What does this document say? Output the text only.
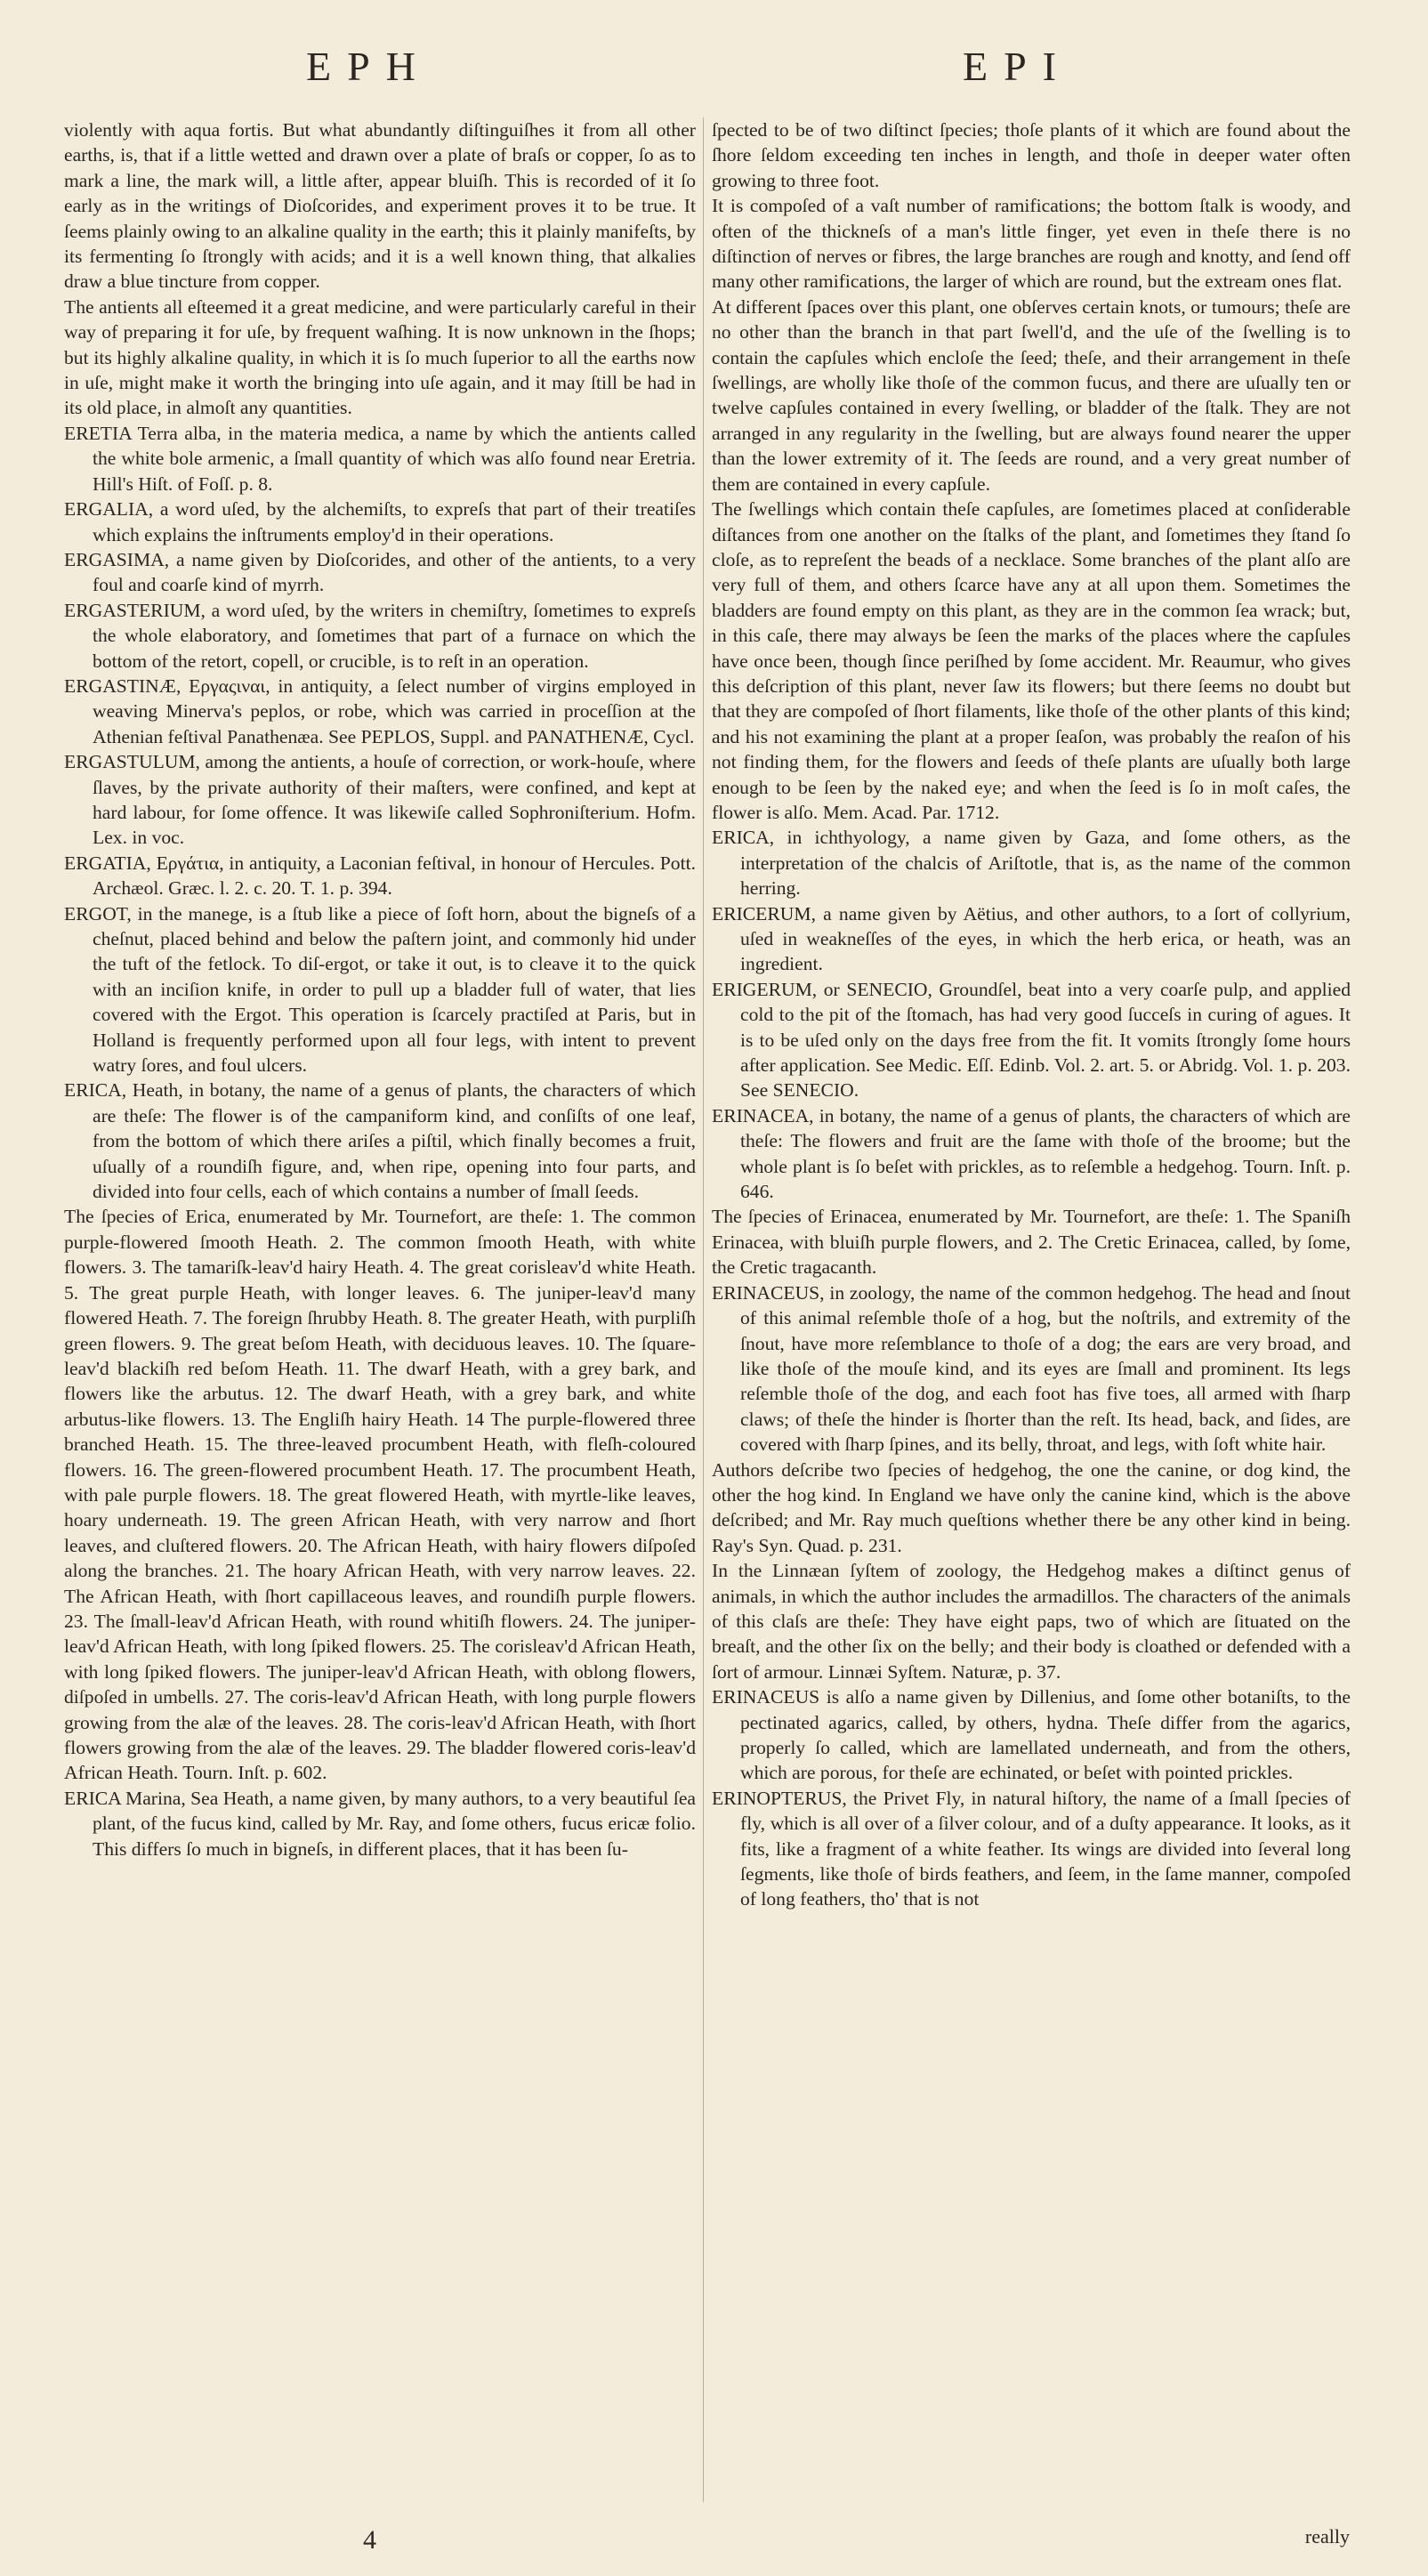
EPH	EPI

violently with aqua fortis. But what abundantly diſtinguiſhes it from all other earths, is, that if a little wetted and drawn over a plate of braſs or copper, ſo as to mark a line, the mark will, a little after, appear bluiſh. This is recorded of it ſo early as in the writings of Dioſcorides, and experiment proves it to be true. It ſeems plainly owing to an alkaline quality in the earth; this it plainly manifeſts, by its fermenting ſo ſtrongly with acids; and it is a well known thing, that alkalies draw a blue tincture from copper.

The antients all eſteemed it a great medicine, and were particularly careful in their way of preparing it for uſe, by frequent waſhing. It is now unknown in the ſhops; but its highly alkaline quality, in which it is ſo much ſuperior to all the earths now in uſe, might make it worth the bringing into uſe again, and it may ſtill be had in its old place, in almoſt any quantities.

ERETIA Terra alba, in the materia medica, a name by which the antients called the white bole armenic, a ſmall quantity of which was alſo found near Eretria. Hill's Hiſt. of Foſſ. p. 8.

ERGALIA, a word uſed, by the alchemiſts, to expreſs that part of their treatiſes which explains the inſtruments employ'd in their operations.

ERGASIMA, a name given by Dioſcorides, and other of the antients, to a very foul and coarſe kind of myrrh.

ERGASTERIUM, a word uſed, by the writers in chemiſtry, ſometimes to expreſs the whole elaboratory, and ſometimes that part of a furnace on which the bottom of the retort, copell, or crucible, is to reſt in an operation.

ERGASTINÆ, Εργαςιναι, in antiquity, a ſelect number of virgins employed in weaving Minerva's peplos, or robe, which was carried in proceſſion at the Athenian feſtival Panathenæa. See PEPLOS, Suppl. and PANATHENÆ, Cycl.

ERGASTULUM, among the antients, a houſe of correction, or work-houſe, where ſlaves, by the private authority of their maſters, were confined, and kept at hard labour, for ſome offence. It was likewiſe called Sophroniſterium. Hofm. Lex. in voc.

ERGATIA, Εργάτια, in antiquity, a Laconian feſtival, in honour of Hercules. Pott. Archæol. Græc. l. 2. c. 20. T. 1. p. 394.

ERGOT, in the manege, is a ſtub like a piece of ſoft horn, about the bigneſs of a cheſnut, placed behind and below the paſtern joint, and commonly hid under the tuft of the fetlock. To diſ-ergot, or take it out, is to cleave it to the quick with an inciſion knife, in order to pull up a bladder full of water, that lies covered with the Ergot. This operation is ſcarcely practiſed at Paris, but in Holland is frequently performed upon all four legs, with intent to prevent watry ſores, and foul ulcers.

ERICA, Heath, in botany, the name of a genus of plants, the characters of which are theſe: The flower is of the campaniform kind, and conſiſts of one leaf, from the bottom of which there ariſes a piſtil, which finally becomes a fruit, uſually of a roundiſh figure, and, when ripe, opening into four parts, and divided into four cells, each of which contains a number of ſmall ſeeds.

The ſpecies of Erica, enumerated by Mr. Tournefort, are theſe: 1. The common purple-flowered ſmooth Heath. 2. The common ſmooth Heath, with white flowers. 3. The tamariſk-leav'd hairy Heath. 4. The great corisleav'd white Heath. 5. The great purple Heath, with longer leaves. 6. The juniper-leav'd many flowered Heath. 7. The foreign ſhrubby Heath. 8. The greater Heath, with purpliſh green flowers. 9. The great beſom Heath, with deciduous leaves. 10. The ſquare-leav'd blackiſh red beſom Heath. 11. The dwarf Heath, with a grey bark, and flowers like the arbutus. 12. The dwarf Heath, with a grey bark, and white arbutus-like flowers. 13. The Engliſh hairy Heath. 14 The purple-flowered three branched Heath. 15. The three-leaved procumbent Heath, with fleſh-coloured flowers. 16. The green-flowered procumbent Heath. 17. The procumbent Heath, with pale purple flowers. 18. The great flowered Heath, with myrtle-like leaves, hoary underneath. 19. The green African Heath, with very narrow and ſhort leaves, and cluſtered flowers. 20. The African Heath, with hairy flowers diſpoſed along the branches. 21. The hoary African Heath, with very narrow leaves. 22. The African Heath, with ſhort capillaceous leaves, and roundiſh purple flowers. 23. The ſmall-leav'd African Heath, with round whitiſh flowers. 24. The juniper-leav'd African Heath, with long ſpiked flowers. 25. The corisleav'd African Heath, with long ſpiked flowers. The juniper-leav'd African Heath, with oblong flowers, diſpoſed in umbells. 27. The coris-leav'd African Heath, with long purple flowers growing from the alæ of the leaves. 28. The coris-leav'd African Heath, with ſhort flowers growing from the alæ of the leaves. 29. The bladder flowered coris-leav'd African Heath. Tourn. Inſt. p. 602.

ERICA Marina, Sea Heath, a name given, by many authors, to a very beautiful ſea plant, of the fucus kind, called by Mr. Ray, and ſome others, fucus ericæ folio. This differs ſo much in bigneſs, in different places, that it has been ſu-

ſpected to be of two diſtinct ſpecies; thoſe plants of it which are found about the ſhore ſeldom exceeding ten inches in length, and thoſe in deeper water often growing to three foot.

It is compoſed of a vaſt number of ramifications; the bottom ſtalk is woody, and often of the thickneſs of a man's little finger, yet even in theſe there is no diſtinction of nerves or fibres, the large branches are rough and knotty, and ſend off many other ramifications, the larger of which are round, but the extream ones flat.

At different ſpaces over this plant, one obſerves certain knots, or tumours; theſe are no other than the branch in that part ſwell'd, and the uſe of the ſwelling is to contain the capſules which encloſe the ſeed; theſe, and their arrangement in theſe ſwellings, are wholly like thoſe of the common fucus, and there are uſually ten or twelve capſules contained in every ſwelling, or bladder of the ſtalk. They are not arranged in any regularity in the ſwelling, but are always found nearer the upper than the lower extremity of it. The ſeeds are round, and a very great number of them are contained in every capſule.

The ſwellings which contain theſe capſules, are ſometimes placed at conſiderable diſtances from one another on the ſtalks of the plant, and ſometimes they ſtand ſo cloſe, as to repreſent the beads of a necklace. Some branches of the plant alſo are very full of them, and others ſcarce have any at all upon them. Sometimes the bladders are found empty on this plant, as they are in the common ſea wrack; but, in this caſe, there may always be ſeen the marks of the places where the capſules have once been, though ſince periſhed by ſome accident. Mr. Reaumur, who gives this deſcription of this plant, never ſaw its flowers; but there ſeems no doubt but that they are compoſed of ſhort filaments, like thoſe of the other plants of this kind; and his not examining the plant at a proper ſeaſon, was probably the reaſon of his not finding them, for the flowers and ſeeds of theſe plants are uſually both large enough to be ſeen by the naked eye; and when the ſeed is ſo in moſt caſes, the flower is alſo. Mem. Acad. Par. 1712.

ERICA, in ichthyology, a name given by Gaza, and ſome others, as the interpretation of the chalcis of Ariſtotle, that is, as the name of the common herring.

ERICERUM, a name given by Aëtius, and other authors, to a ſort of collyrium, uſed in weakneſſes of the eyes, in which the herb erica, or heath, was an ingredient.

ERIGERUM, or SENECIO, Groundſel, beat into a very coarſe pulp, and applied cold to the pit of the ſtomach, has had very good ſucceſs in curing of agues. It is to be uſed only on the days free from the fit. It vomits ſtrongly ſome hours after application. See Medic. Eſſ. Edinb. Vol. 2. art. 5. or Abridg. Vol. 1. p. 203. See SENECIO.

ERINACEA, in botany, the name of a genus of plants, the characters of which are theſe: The flowers and fruit are the ſame with thoſe of the broome; but the whole plant is ſo beſet with prickles, as to reſemble a hedgehog. Tourn. Inſt. p. 646.

The ſpecies of Erinacea, enumerated by Mr. Tournefort, are theſe: 1. The Spaniſh Erinacea, with bluiſh purple flowers, and 2. The Cretic Erinacea, called, by ſome, the Cretic tragacanth.

ERINACEUS, in zoology, the name of the common hedgehog. The head and ſnout of this animal reſemble thoſe of a hog, but the noſtrils, and extremity of the ſnout, have more reſemblance to thoſe of a dog; the ears are very broad, and like thoſe of the mouſe kind, and its eyes are ſmall and prominent. Its legs reſemble thoſe of the dog, and each foot has five toes, all armed with ſharp claws; of theſe the hinder is ſhorter than the reſt. Its head, back, and ſides, are covered with ſharp ſpines, and its belly, throat, and legs, with ſoft white hair.

Authors deſcribe two ſpecies of hedgehog, the one the canine, or dog kind, the other the hog kind. In England we have only the canine kind, which is the above deſcribed; and Mr. Ray much queſtions whether there be any other kind in being. Ray's Syn. Quad. p. 231.

In the Linnæan ſyſtem of zoology, the Hedgehog makes a diſtinct genus of animals, in which the author includes the armadillos. The characters of the animals of this claſs are theſe: They have eight paps, two of which are ſituated on the breaſt, and the other ſix on the belly; and their body is cloathed or defended with a ſort of armour. Linnæi Syſtem. Naturæ, p. 37.

ERINACEUS is alſo a name given by Dillenius, and ſome other botaniſts, to the pectinated agarics, called, by others, hydna. Theſe differ from the agarics, properly ſo called, which are lamellated underneath, and from the others, which are porous, for theſe are echinated, or beſet with pointed prickles.

ERINOPTERUS, the Privet Fly, in natural hiſtory, the name of a ſmall ſpecies of fly, which is all over of a ſilver colour, and of a duſty appearance. It looks, as it fits, like a fragment of a white feather. Its wings are divided into ſeveral long ſegments, like thoſe of birds feathers, and ſeem, in the ſame manner, compoſed of long feathers, tho' that is not

4	really
